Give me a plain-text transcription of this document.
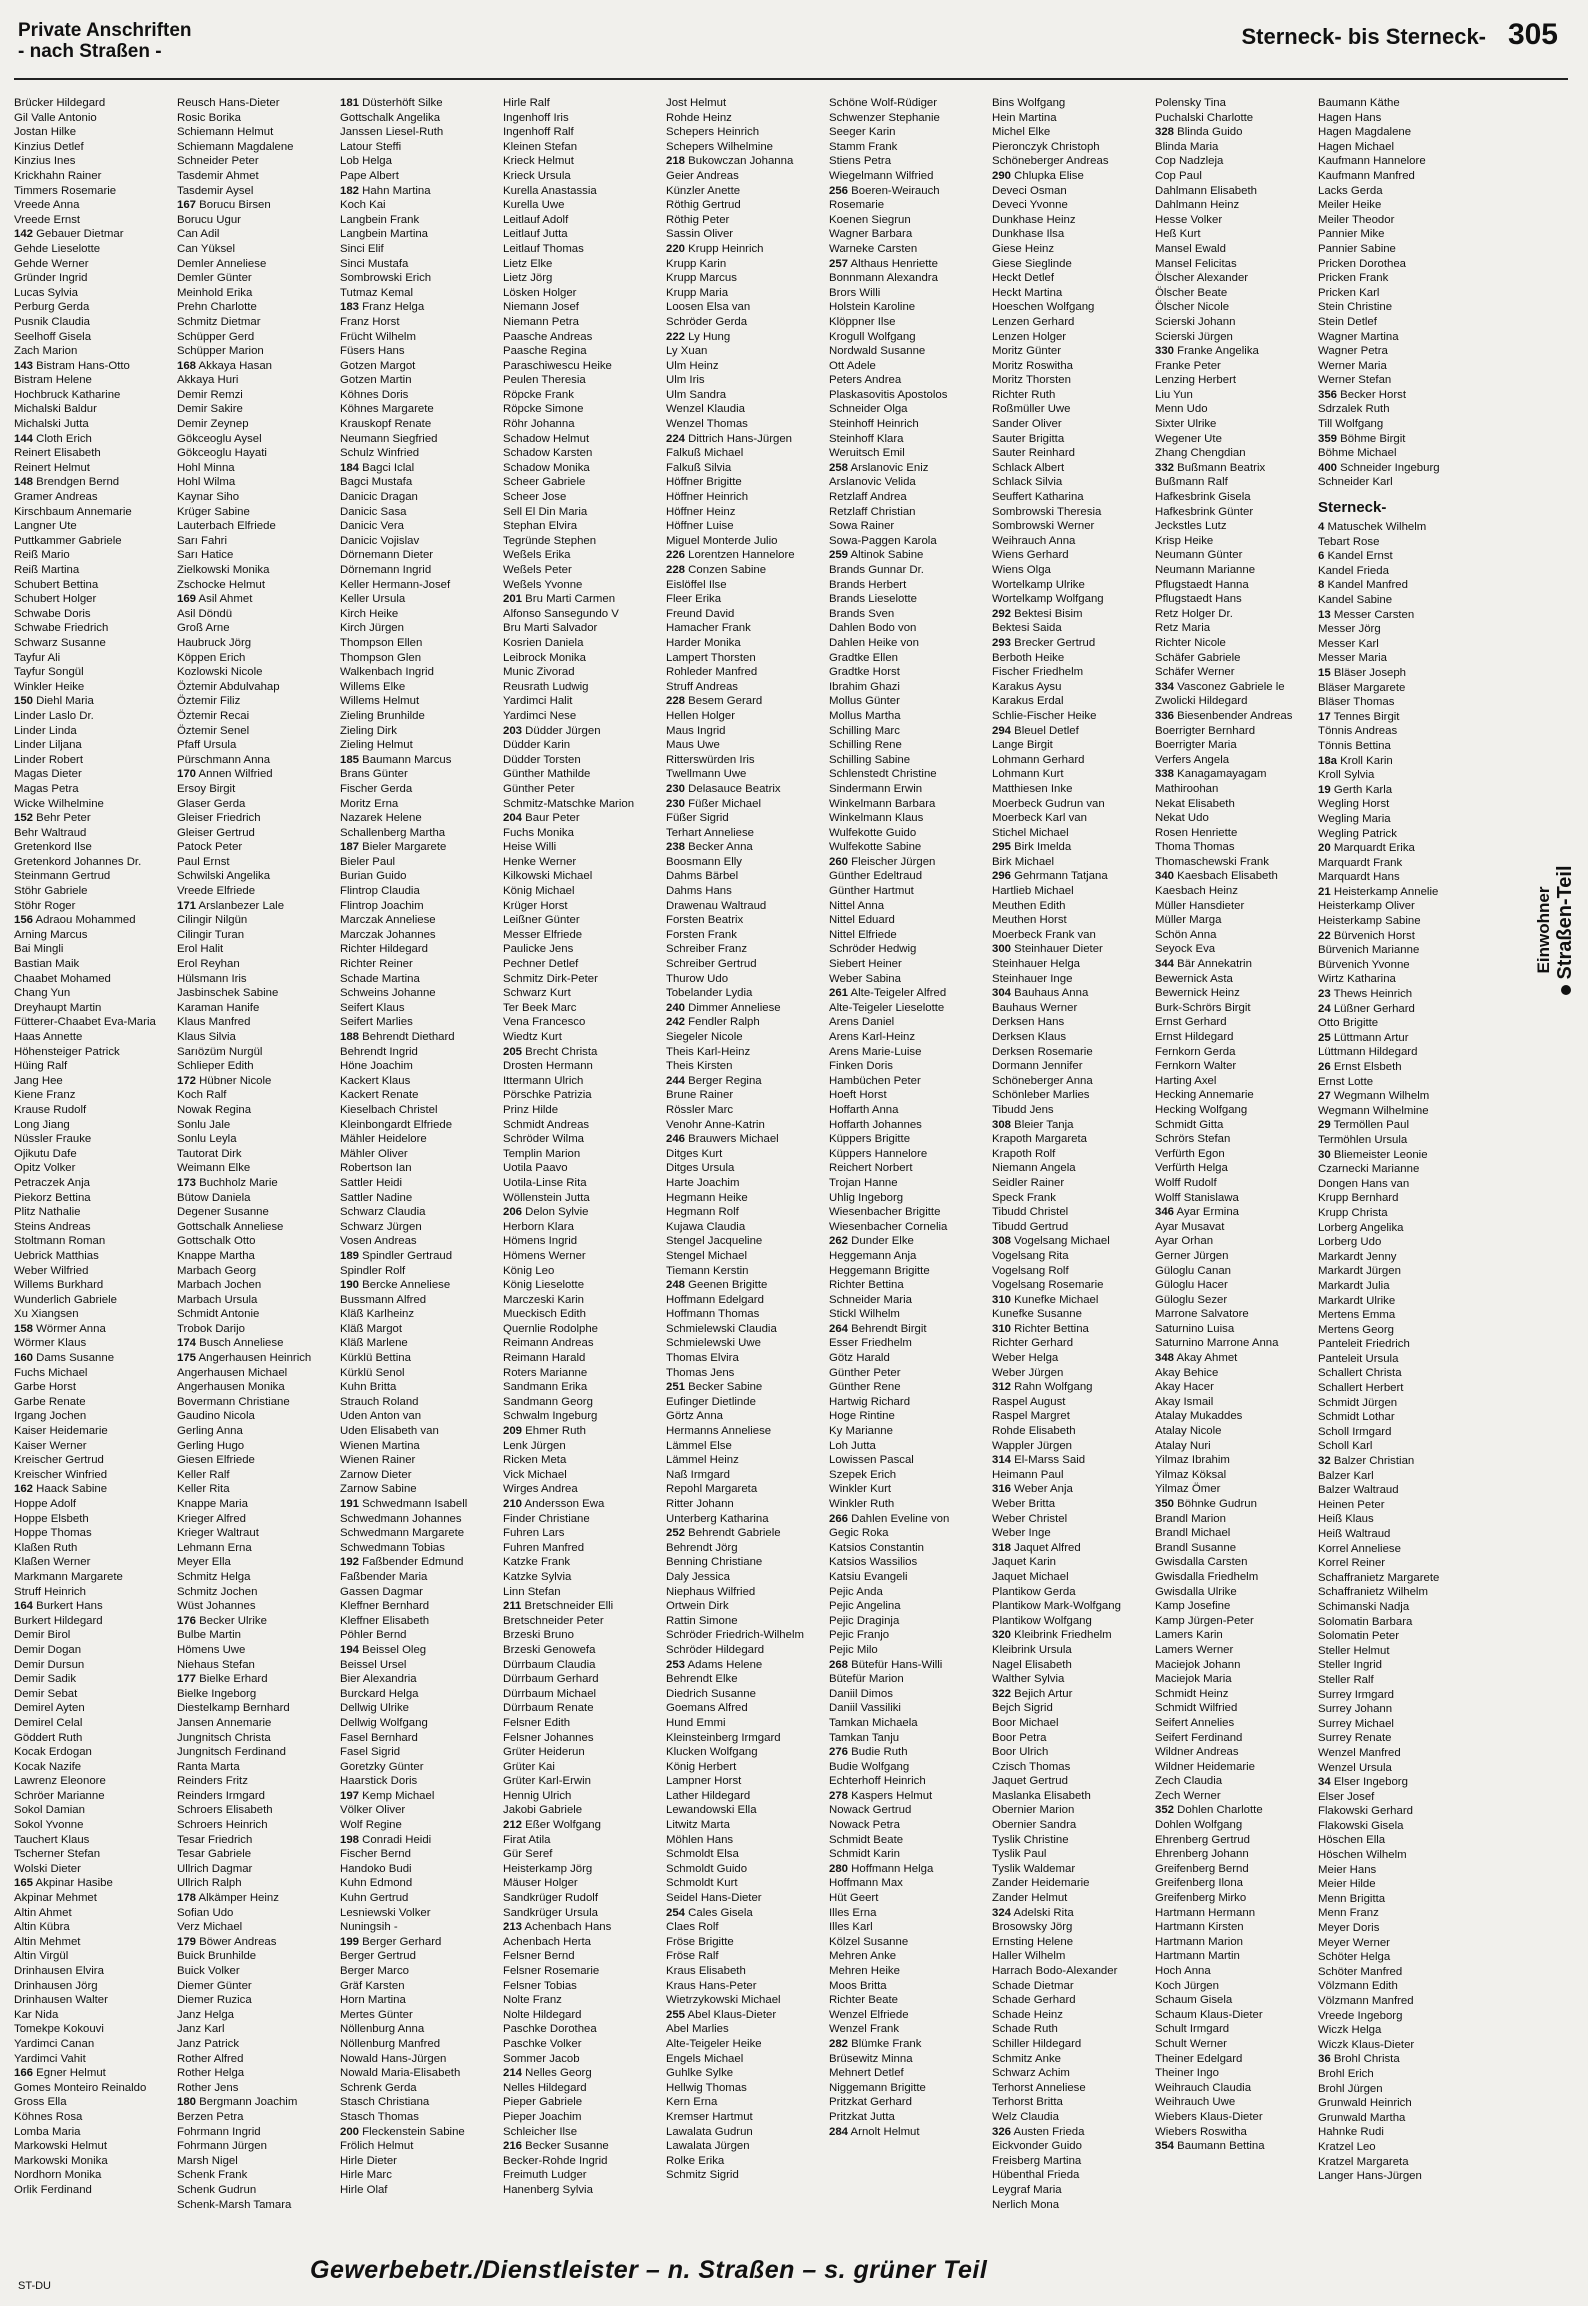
Private Anschriften
- nach Straßen -
Sterneck- bis Sterneck- 305
Brücker Hildegard
Gil Valle Antonio
Jostan Hilke
Kinzius Detlef
Kinzius Ines
Krickhahn Rainer
Timmers Rosemarie
Vreede Anna
Vreede Ernst
142 Gebauer Dietmar
Gehde Lieselotte
Gehde Werner
Gründer Ingrid
Lucas Sylvia
Perburg Gerda
Pusnik Claudia
Seelhoff Gisela
Zach Marion
143 Bistram Hans-Otto
Bistram Helene
Hochbruck Katharine
Michalski Baldur
Michalski Jutta
144 Cloth Erich
Reinert Elisabeth
Reinert Helmut
148 Brendgen Bernd
Gramer Andreas
Kirschbaum Annemarie
Langner Ute
Puttkammer Gabriele
Reiß Mario
Reiß Martina
Schubert Bettina
Schubert Holger
Schwabe Doris
Schwabe Friedrich
Schwarz Susanne
Tayfur Ali
Tayfur Songül
Winkler Heike
150 Diehl Maria
Linder Laslo Dr.
Linder Linda
Linder Liljana
Linder Robert
Magas Dieter
Magas Petra
Wicke Wilhelmine
152 Behr Peter
Behr Waltraud
Gretenkord Ilse
Gretenkord Johannes Dr.
Steinmann Gertrud
Stöhr Gabriele
Stöhr Roger
156 Adraou Mohammed
Arning Marcus
Bai Mingli
Bastian Maik
Chaabet Mohamed
Chang Yun
Dreyhaupt Martin
Fütterer-Chaabet Eva-Maria
Haas Annette
Höhensteiger Patrick
Hüing Ralf
Jang Hee
Kiene Franz
Krause Rudolf
Long Jiang
Nüssler Frauke
Ojikutu Dafe
Opitz Volker
Petraczek Anja
Piekorz Bettina
Plitz Nathalie
Steins Andreas
Stoltmann Roman
Uebrick Matthias
Weber Wilfried
Willems Burkhard
Wunderlich Gabriele
Xu Xiangsen
158 Wörmer Anna
Wörmer Klaus
160 Dams Susanne
Fuchs Michael
Garbe Horst
Garbe Renate
Irgang Jochen
Kaiser Heidemarie
Kaiser Werner
Kreischer Gertrud
Kreischer Winfried
162 Haack Sabine
Hoppe Adolf
Hoppe Elsbeth
Hoppe Thomas
Klaßen Ruth
Klaßen Werner
Markmann Margarete
Struff Heinrich
164 Burkert Hans
Burkert Hildegard
Demir Birol
Demir Dogan
Demir Dursun
Demir Sadik
Demir Sebat
Demirel Ayten
Demirel Celal
Göddert Ruth
Kocak Erdogan
Kocak Nazife
Lawrenz Eleonore
Schröer Marianne
Sokol Damian
Sokol Yvonne
Tauchert Klaus
Tscherner Stefan
Wolski Dieter
165 Akpinar Hasibe
Akpinar Mehmet
Altin Ahmet
Altin Kübra
Altin Mehmet
Altin Virgül
Drinhausen Elvira
Drinhausen Jörg
Drinhausen Walter
Kar Nida
Tomekpe Kokouvi
Yardimci Canan
Yardimci Vahit
166 Egner Helmut
Gomes Monteiro Reinaldo
Gross Ella
Köhnes Rosa
Lomba Maria
Markowski Helmut
Markowski Monika
Nordhorn Monika
Orlik Ferdinand
Reusch Hans-Dieter
Rosic Borika
Schiemann Helmut
Schiemann Magdalene
Schneider Peter
Tasdemir Ahmet
Tasdemir Aysel
167 Borucu Birsen
Borucu Ugur
Can Adil
Can Yüksel
Demler Anneliese
Demler Günter
Meinhold Erika
Prehn Charlotte
Schmitz Dietmar
Schüpper Gerd
Schüpper Marion
168 Akkaya Hasan
Akkaya Huri
Demir Remzi
Demir Sakire
Demir Zeynep
Gökceoglu Aysel
Gökceoglu Hayati
Hohl Minna
Hohl Wilma
Kaynar Siho
Krüger Sabine
Lauterbach Elfriede
Sarı Fahri
Sarı Hatice
Zielkowski Monika
Zschocke Helmut
169 Asil Ahmet
Asil Döndü
Groß Arne
Haubruck Jörg
Köppen Erich
Kozlowski Nicole
Öztemir Abdulvahap
Öztemir Filiz
Öztemir Recai
Öztemir Senel
Pfaff Ursula
Pürschmann Anna
170 Annen Wilfried
Ersoy Birgit
Glaser Gerda
Gleiser Friedrich
Gleiser Gertrud
Patock Peter
Paul Ernst
Schwilski Angelika
Vreede Elfriede
171 Arslanbezer Lale
Cilingir Nilgün
Cilingir Turan
Erol Halit
Erol Reyhan
Hülsmann Iris
Jasbinschek Sabine
Karaman Hanife
Klaus Manfred
Klaus Silvia
Sarıözüm Nurgül
Schlieper Edith
172 Hübner Nicole
Koch Ralf
Nowak Regina
Sonlu Jale
Sonlu Leyla
Tautorat Dirk
Weimann Elke
173 Buchholz Marie
Bütow Daniela
Degener Susanne
Gottschalk Anneliese
Gottschalk Otto
Knappe Martha
Marbach Georg
Marbach Jochen
Marbach Ursula
Schmidt Antonie
Trobok Darijo
174 Busch Anneliese
175 Angerhausen Heinrich
Angerhausen Michael
Angerhausen Monika
Bovermann Christiane
Gaudino Nicola
Gerling Anna
Gerling Hugo
Giesen Elfriede
Keller Ralf
Keller Rita
Knappe Maria
Krieger Alfred
Krieger Waltraut
Lehmann Erna
Meyer Ella
Schmitz Helga
Schmitz Jochen
Wüst Johannes
176 Becker Ulrike
Bulbe Martin
Hömens Uwe
Niehaus Stefan
177 Bielke Erhard
Bielke Ingeborg
Diestelkamp Bernhard
Jansen Annemarie
Jungnitsch Christa
Jungnitsch Ferdinand
Ranta Marta
Reinders Fritz
Reinders Irmgard
Schroers Elisabeth
Schroers Heinrich
Tesar Friedrich
Tesar Gabriele
Ullrich Dagmar
Ullrich Ralph
178 Alkämper Heinz
Sofian Udo
Verz Michael
179 Böwer Andreas
Buick Brunhilde
Buick Volker
Diemer Günter
Diemer Ruzica
Janz Helga
Janz Karl
Janz Patrick
Rother Alfred
Rother Helga
Rother Jens
180 Bergmann Joachim
Berzen Petra
Fohrmann Ingrid
Fohrmann Jürgen
Marsh Nigel
Schenk Frank
Schenk Gudrun
Schenk-Marsh Tamara
181 Düsterhöft Silke
Gottschalk Angelika
Janssen Liesel-Ruth
Latour Steffi
Lob Helga
Pape Albert
182 Hahn Martina
Koch Kai
Langbein Frank
Langbein Martina
Sinci Elif
Sinci Mustafa
Sombrowski Erich
Tutmaz Kemal
183 Franz Helga
Franz Horst
Frücht Wilhelm
Füsers Hans
Gotzen Margot
Gotzen Martin
Köhnes Doris
Köhnes Margarete
Krauskopf Renate
Neumann Siegfried
Schulz Winfried
184 Bagci Iclal
Bagci Mustafa
Danicic Dragan
Danicic Sasa
Danicic Vera
Danicic Vojislav
Dörnemann Dieter
Dörnemann Ingrid
Keller Hermann-Josef
Keller Ursula
Kirch Heike
Kirch Jürgen
Thompson Ellen
Thompson Glen
Walkenbach Ingrid
Willems Elke
Willems Helmut
Zieling Brunhilde
Zieling Dirk
Zieling Helmut
185 Baumann Marcus
Brans Günter
Fischer Gerda
Moritz Erna
Nazarek Helene
Schallenberg Martha
187 Bieler Margarete
Bieler Paul
Burian Guido
Flintrop Claudia
Flintrop Joachim
Marczak Anneliese
Marczak Johannes
Richter Hildegard
Richter Reiner
Schade Martina
Schweins Johanne
Seifert Klaus
Seifert Marlies
188 Behrendt Diethard
Behrendt Ingrid
Höne Joachim
Kackert Klaus
Kackert Renate
Kieselbach Christel
Kleinbongardt Elfriede
Mähler Heidelore
Mähler Oliver
Robertson Ian
Sattler Heidi
Sattler Nadine
Schwarz Claudia
Schwarz Jürgen
Vosen Andreas
189 Spindler Gertraud
Spindler Rolf
190 Bercke Anneliese
Bussmann Alfred
Kläß Karlheinz
Kläß Margot
Kläß Marlene
Kürklü Bettina
Kürklü Senol
Kuhn Britta
Strauch Roland
Uden Anton van
Uden Elisabeth van
Wienen Martina
Wienen Rainer
Zarnow Dieter
Zarnow Sabine
191 Schwedmann Isabell
Schwedmann Johannes
Schwedmann Margarete
Schwedmann Tobias
192 Faßbender Edmund
Faßbender Maria
Gassen Dagmar
Kleffner Bernhard
Kleffner Elisabeth
Pöhler Bernd
194 Beissel Oleg
Beissel Ursel
Bier Alexandria
Burckard Helga
Dellwig Ulrike
Dellwig Wolfgang
Fasel Bernhard
Fasel Sigrid
Goretzky Günter
Haarstick Doris
197 Kemp Michael
Völker Oliver
Wolf Regine
198 Conradi Heidi
Fischer Bernd
Handoko Budi
Kuhn Edmond
Kuhn Gertrud
Lesniewski Volker
Nuningsih -
199 Berger Gerhard
Berger Gertrud
Berger Marco
Gräf Karsten
Horn Martina
Mertes Günter
Nöllenburg Anna
Nöllenburg Manfred
Nowald Hans-Jürgen
Nowald Maria-Elisabeth
Schrenk Gerda
Stasch Christiana
Stasch Thomas
200 Fleckenstein Sabine
Frölich Helmut
Hirle Dieter
Hirle Marc
Hirle Olaf
Hirle Ralf
Ingenhoff Iris
Ingenhoff Ralf
Kleinen Stefan
Krieck Helmut
Krieck Ursula
Kurella Anastassia
Kurella Uwe
Leitlauf Adolf
Leitlauf Jutta
Leitlauf Thomas
Lietz Elke
Lietz Jörg
Lösken Holger
Niemann Josef
Niemann Petra
Paasche Andreas
Paasche Regina
Paraschiwescu Heike
Peulen Theresia
Röpcke Frank
Röpcke Simone
Röhr Johanna
Schadow Helmut
Schadow Karsten
Schadow Monika
Scheer Gabriele
Scheer Jose
Sell El Din Maria
Stephan Elvira
Tegründe Stephen
Weßels Erika
Weßels Peter
Weßels Yvonne
201 Bru Marti Carmen
Alfonso Sansegundo V
Bru Marti Salvador
Kosrien Daniela
Leibrock Monika
Munic Zivorad
Reusrath Ludwig
Yardimci Halit
Yardimci Nese
203 Düdder Jürgen
Düdder Karin
Düdder Torsten
Günther Mathilde
Günther Peter
Schmitz-Matschke Marion
204 Baur Peter
Fuchs Monika
Heise Willi
Henke Werner
Kilkowski Michael
König Michael
Krüger Horst
Leißner Günter
Messer Elfriede
Paulicke Jens
Pechner Detlef
Schmitz Dirk-Peter
Schwarz Kurt
Ter Beek Marc
Vena Francesco
Wiedtz Kurt
205 Brecht Christa
Drosten Hermann
Ittermann Ulrich
Pörschke Patrizia
Prinz Hilde
Schmidt Andreas
Schröder Wilma
Templin Marion
Uotila Paavo
Uotila-Linse Rita
Wöllenstein Jutta
206 Delon Sylvie
Herborn Klara
Hömens Ingrid
Hömens Werner
König Leo
König Lieselotte
Marczeski Karin
Mueckisch Edith
Quernlie Rodolphe
Reimann Andreas
Reimann Harald
Roters Marianne
Sandmann Erika
Sandmann Georg
Schwalm Ingeburg
209 Ehmer Ruth
Lenk Jürgen
Ricken Meta
Vick Michael
Wirges Andrea
210 Andersson Ewa
Finder Christiane
Fuhren Lars
Fuhren Manfred
Katzke Frank
Katzke Sylvia
Linn Stefan
211 Bretschneider Elli
Bretschneider Peter
Brzeski Bruno
Brzeski Genowefa
Dürrbaum Claudia
Dürrbaum Gerhard
Dürrbaum Michael
Dürrbaum Renate
Felsner Edith
Felsner Johannes
Grüter Heiderun
Grüter Kai
Grüter Karl-Erwin
Hennig Ulrich
Jakobi Gabriele
212 Eßer Wolfgang
Firat Atila
Gür Seref
Heisterkamp Jörg
Mäuser Holger
Sandkrüger Rudolf
Sandkrüger Ursula
213 Achenbach Hans
Achenbach Herta
Felsner Bernd
Felsner Rosemarie
Felsner Tobias
Nolte Franz
Nolte Hildegard
Paschke Dorothea
Paschke Volker
Sommer Jacob
214 Nelles Georg
Nelles Hildegard
Pieper Gabriele
Pieper Joachim
Schleicher Ilse
216 Becker Susanne
Becker-Rohde Ingrid
Freimuth Ludger
Hanenberg Sylvia
Jost Helmut
Rohde Heinz
Schepers Heinrich
Schepers Wilhelmine
218 Bukowczan Johanna
Geier Andreas
Künzler Anette
Röthig Gertrud
Röthig Peter
Sassin Oliver
220 Krupp Heinrich
Krupp Karin
Krupp Marcus
Krupp Maria
Loosen Elsa van
Schröder Gerda
222 Ly Hung
Ly Xuan
Ulm Heinz
Ulm Iris
Ulm Sandra
Wenzel Klaudia
Wenzel Thomas
224 Dittrich Hans-Jürgen
Falkuß Michael
Falkuß Silvia
Höffner Brigitte
Höffner Heinrich
Höffner Heinz
Höffner Luise
Miguel Monterde Julio
226 Lorentzen Hannelore
228 Conzen Sabine
Eislöffel Ilse
Fleer Erika
Freund David
Hamacher Frank
Harder Monika
Lampert Thorsten
Rohleder Manfred
Struff Andreas
228 Besem Gerard
Hellen Holger
Maus Ingrid
Maus Uwe
Ritterswürden Iris
Twellmann Uwe
230 Delasauce Beatrix
230 Füßer Michael
Füßer Sigrid
Terhart Anneliese
238 Becker Anna
Boosmann Elly
Dahms Bärbel
Dahms Hans
Drawenau Waltraud
Forsten Beatrix
Forsten Frank
Schreiber Franz
Schreiber Gertrud
Thurow Udo
Tobelander Lydia
240 Dimmer Anneliese
242 Fendler Ralph
Siegeler Nicole
Theis Karl-Heinz
Theis Kirsten
244 Berger Regina
Brune Rainer
Rössler Marc
Venohr Anne-Katrin
246 Brauwers Michael
Ditges Kurt
Ditges Ursula
Harte Joachim
Hegmann Heike
Hegmann Rolf
Kujawa Claudia
Stengel Jacqueline
Stengel Michael
Tiemann Kerstin
248 Geenen Brigitte
Hoffmann Edelgard
Hoffmann Thomas
Schmielewski Claudia
Schmielewski Uwe
Thomas Elvira
Thomas Jens
251 Becker Sabine
Eufinger Dietlinde
Görtz Anna
Hermanns Anneliese
Lämmel Else
Lämmel Heinz
Naß Irmgard
Repohl Margareta
Ritter Johann
Unterberg Katharina
252 Behrendt Gabriele
Behrendt Jörg
Benning Christiane
Daly Jessica
Niephaus Wilfried
Ortwein Dirk
Rattin Simone
Schröder Friedrich-Wilhelm
Schröder Hildegard
253 Adams Helene
Behrendt Elke
Diedrich Susanne
Goemans Alfred
Hund Emmi
Kleinsteinberg Irmgard
Klucken Wolfgang
König Herbert
Lampner Horst
Lather Hildegard
Lewandowski Ella
Litwitz Marta
Möhlen Hans
Schmoldt Elsa
Schmoldt Guido
Schmoldt Kurt
Seidel Hans-Dieter
254 Cales Gisela
Claes Rolf
Fröse Brigitte
Fröse Ralf
Kraus Elisabeth
Kraus Hans-Peter
Wietrzykowski Michael
255 Abel Klaus-Dieter
Abel Marlies
Alte-Teigeler Heike
Engels Michael
Guhlke Sylke
Hellwig Thomas
Kern Erna
Kremser Hartmut
Lawalata Gudrun
Lawalata Jürgen
Rolke Erika
Schmitz Sigrid
Schöne Wolf-Rüdiger
Schwenzer Stephanie
Seeger Karin
Stamm Frank
Stiens Petra
Wiegelmann Wilfried
256 Boeren-Weirauch
Rosemarie
Koenen Siegrun
Wagner Barbara
Warneke Carsten
257 Althaus Henriette
Bonnmann Alexandra
Brors Willi
Holstein Karoline
Klöppner Ilse
Krogull Wolfgang
Nordwald Susanne
Ott Adele
Peters Andrea
Plaskasovitis Apostolos
Schneider Olga
Steinhoff Heinrich
Steinhoff Klara
Weruitsch Emil
258 Arslanovic Eniz
Arslanovic Velida
Retzlaff Andrea
Retzlaff Christian
Sowa Rainer
Sowa-Paggen Karola
259 Altinok Sabine
Brands Gunnar Dr.
Brands Herbert
Brands Lieselotte
Brands Sven
Dahlen Bodo von
Dahlen Heike von
Gradtke Ellen
Gradtke Horst
Ibrahim Ghazi
Mollus Günter
Mollus Martha
Schilling Marc
Schilling Rene
Schilling Sabine
Schlenstedt Christine
Sindermann Erwin
Winkelmann Barbara
Winkelmann Klaus
Wulfekotte Guido
Wulfekotte Sabine
260 Fleischer Jürgen
Günther Edeltraud
Günther Hartmut
Nittel Anna
Nittel Eduard
Nittel Elfriede
Schröder Hedwig
Siebert Heiner
Weber Sabina
261 Alte-Teigeler Alfred
Alte-Teigeler Lieselotte
Arens Daniel
Arens Karl-Heinz
Arens Marie-Luise
Finken Doris
Hambüchen Peter
Hoeft Horst
Hoffarth Anna
Hoffarth Johannes
Küppers Brigitte
Küppers Hannelore
Reichert Norbert
Trojan Hanne
Uhlig Ingeborg
Wiesenbacher Brigitte
Wiesenbacher Cornelia
262 Dunder Elke
Heggemann Anja
Heggemann Brigitte
Richter Bettina
Schneider Maria
Stickl Wilhelm
264 Behrendt Birgit
Esser Friedhelm
Götz Harald
Günther Peter
Günther Rene
Hartwig Richard
Hoge Rintine
Ky Marianne
Loh Jutta
Lowissen Pascal
Szepek Erich
Winkler Kurt
Winkler Ruth
266 Dahlen Eveline von
Gegic Roka
Katsios Constantin
Katsios Wassilios
Katsiu Evangeli
Pejic Anda
Pejic Angelina
Pejic Draginja
Pejic Franjo
Pejic Milo
268 Bütefür Hans-Willi
Bütefür Marion
Daniil Dimos
Daniil Vassiliki
Tamkan Michaela
Tamkan Tanju
276 Budie Ruth
Budie Wolfgang
Echterhoff Heinrich
278 Kaspers Helmut
Nowack Gertrud
Nowack Petra
Schmidt Beate
Schmidt Karin
280 Hoffmann Helga
Hoffmann Max
Hüt Geert
Illes Erna
Illes Karl
Kölzel Susanne
Mehren Anke
Mehren Heike
Moos Britta
Richter Beate
Wenzel Elfriede
Wenzel Frank
282 Blümke Frank
Brüsewitz Minna
Mehnert Detlef
Niggemann Brigitte
Pritzkat Gerhard
Pritzkat Jutta
284 Arnolt Helmut
Bins Wolfgang
Hein Martina
Michel Elke
Pieronczyk Christoph
Schöneberger Andreas
290 Chlupka Elise
Deveci Osman
Deveci Yvonne
Dunkhase Heinz
Dunkhase Ilsa
Giese Heinz
Giese Sieglinde
Heckt Detlef
Heckt Martina
Hoeschen Wolfgang
Lenzen Gerhard
Lenzen Holger
Moritz Günter
Moritz Roswitha
Moritz Thorsten
Richter Ruth
Roßmüller Uwe
Sander Oliver
Sauter Brigitta
Sauter Reinhard
Schlack Albert
Schlack Silvia
Seuffert Katharina
Sombrowski Theresia
Sombrowski Werner
Weihrauch Anna
Wiens Gerhard
Wiens Olga
Wortelkamp Ulrike
Wortelkamp Wolfgang
292 Bektesi Bisim
Bektesi Saida
293 Brecker Gertrud
Berboth Heike
Fischer Friedhelm
Karakus Aysu
Karakus Erdal
Schlie-Fischer Heike
294 Bleuel Detlef
Lange Birgit
Lohmann Gerhard
Lohmann Kurt
Matthiesen Inke
Moerbeck Gudrun van
Moerbeck Karl van
Stichel Michael
295 Birk Imelda
Birk Michael
296 Gehrmann Tatjana
Hartlieb Michael
Meuthen Edith
Meuthen Horst
Moerbeck Frank van
300 Steinhauer Dieter
Steinhauer Helga
Steinhauer Inge
304 Bauhaus Anna
Bauhaus Werner
Derksen Hans
Derksen Klaus
Derksen Rosemarie
Dormann Jennifer
Schöneberger Anna
Schönleber Marlies
Tibudd Jens
308 Bleier Tanja
Krapoth Margareta
Krapoth Rolf
Niemann Angela
Seidler Rainer
Speck Frank
Tibudd Christel
Tibudd Gertrud
308 Vogelsang Michael
Vogelsang Rita
Vogelsang Rolf
Vogelsang Rosemarie
310 Kunefke Michael
Kunefke Susanne
310 Richter Bettina
Richter Gerhard
Weber Helga
Weber Jürgen
312 Rahn Wolfgang
Raspel August
Raspel Margret
Rohde Elisabeth
Wappler Jürgen
314 El-Marss Said
Heimann Paul
316 Weber Anja
Weber Britta
Weber Christel
Weber Inge
318 Jaquet Alfred
Jaquet Karin
Jaquet Michael
Plantikow Gerda
Plantikow Mark-Wolfgang
Plantikow Wolfgang
320 Kleibrink Friedhelm
Kleibrink Ursula
Nagel Elisabeth
Walther Sylvia
322 Bejich Artur
Bejch Sigrid
Boor Michael
Boor Petra
Boor Ulrich
Czisch Thomas
Jaquet Gertrud
Maslanka Elisabeth
Obernier Marion
Obernier Sandra
Tyslik Christine
Tyslik Paul
Tyslik Waldemar
Zander Heidemarie
Zander Helmut
324 Adelski Rita
Brosowsky Jörg
Ernsting Helene
Haller Wilhelm
Harrach Bodo-Alexander
Schade Dietmar
Schade Gerhard
Schade Heinz
Schade Ruth
Schiller Hildegard
Schmitz Anke
Schwarz Achim
Terhorst Anneliese
Terhorst Britta
Welz Claudia
326 Austen Frieda
Eickvonder Guido
Freisberg Martina
Hübenthal Frieda
Leygraf Maria
Nerlich Mona
Polensky Tina
Puchalski Charlotte
328 Blinda Guido
Blinda Maria
Cop Nadzleja
Cop Paul
Dahlmann Elisabeth
Dahlmann Heinz
Hesse Volker
Heß Kurt
Mansel Ewald
Mansel Felicitas
Ölscher Alexander
Ölscher Beate
Ölscher Nicole
Scierski Johann
Scierski Jürgen
330 Franke Angelika
Franke Peter
Lenzing Herbert
Liu Yun
Menn Udo
Sixter Ulrike
Wegener Ute
Zhang Chengdian
332 Bußmann Beatrix
Bußmann Ralf
Hafkesbrink Gisela
Hafkesbrink Günter
Jeckstles Lutz
Krisp Heike
Neumann Günter
Neumann Marianne
Pflugstaedt Hanna
Pflugstaedt Hans
Retz Holger Dr.
Retz Maria
Richter Nicole
Schäfer Gabriele
Schäfer Werner
334 Vasconez Gabriele le
Zwolicki Hildegard
336 Biesenbender Andreas
Boerrigter Bernhard
Boerrigter Maria
Verfers Angela
338 Kanagamayagam
Mathiroohan
Nekat Elisabeth
Nekat Udo
Rosen Henriette
Thoma Thomas
Thomaschewski Frank
340 Kaesbach Elisabeth
Kaesbach Heinz
Müller Hansdieter
Müller Marga
Schön Anna
Seyock Eva
344 Bär Annekatrin
Bewernick Asta
Bewernick Heinz
Burk-Schrörs Birgit
Ernst Gerhard
Ernst Hildegard
Fernkorn Gerda
Fernkorn Walter
Harting Axel
Hecking Annemarie
Hecking Wolfgang
Schmidt Gitta
Schrörs Stefan
Verfürth Egon
Verfürth Helga
Wolff Rudolf
Wolff Stanislawa
346 Ayar Ermina
Ayar Musavat
Ayar Orhan
Gerner Jürgen
Güloglu Canan
Güloglu Hacer
Güloglu Sezer
Marrone Salvatore
Saturnino Luisa
Saturnino Marrone Anna
348 Akay Ahmet
Akay Behice
Akay Hacer
Akay Ismail
Atalay Mukaddes
Atalay Nicole
Atalay Nuri
Yilmaz Ibrahim
Yilmaz Köksal
Yilmaz Ömer
350 Böhnke Gudrun
Brandl Marion
Brandl Michael
Brandl Susanne
Gwisdalla Carsten
Gwisdalla Friedhelm
Gwisdalla Ulrike
Kamp Josefine
Kamp Jürgen-Peter
Lamers Karin
Lamers Werner
Maciejok Johann
Maciejok Maria
Schmidt Heinz
Schmidt Wilfried
Seifert Annelies
Seifert Ferdinand
Wildner Andreas
Wildner Heidemarie
Zech Claudia
Zech Werner
352 Dohlen Charlotte
Dohlen Wolfgang
Ehrenberg Gertrud
Ehrenberg Johann
Greifenberg Bernd
Greifenberg Ilona
Greifenberg Mirko
Hartmann Hermann
Hartmann Kirsten
Hartmann Marion
Hartmann Martin
Hoch Anna
Koch Jürgen
Schaum Gisela
Schaum Klaus-Dieter
Schult Irmgard
Schult Werner
Theiner Edelgard
Theiner Ingo
Weihrauch Claudia
Weihrauch Uwe
Wiebers Klaus-Dieter
Wiebers Roswitha
354 Baumann Bettina
Baumann Käthe
Hagen Hans
Hagen Magdalene
Hagen Michael
Kaufmann Hannelore
Kaufmann Manfred
Lacks Gerda
Meiler Heike
Meiler Theodor
Pannier Mike
Pannier Sabine
Pricken Dorothea
Pricken Frank
Pricken Karl
Stein Christine
Stein Detlef
Wagner Martina
Wagner Petra
Werner Maria
Werner Stefan
356 Becker Horst
Sdrzalek Ruth
Till Wolfgang
359 Böhme Birgit
Böhme Michael
400 Schneider Ingeburg
Schneider Karl
Sterneck-
4 Matuschek Wilhelm
Tebart Rose
6 Kandel Ernst
Kandel Frieda
8 Kandel Manfred
Kandel Sabine
13 Messer Carsten
Messer Jörg
Messer Karl
Messer Maria
15 Bläser Joseph
Bläser Margarete
Bläser Thomas
17 Tennes Birgit
Tönnis Andreas
Tönnis Bettina
18a Kroll Karin
Kroll Sylvia
19 Gerth Karla
Wegling Horst
Wegling Maria
Wegling Patrick
20 Marquardt Erika
Marquardt Frank
Marquardt Hans
21 Heisterkamp Annelie
Heisterkamp Oliver
Heisterkamp Sabine
22 Bürvenich Horst
Bürvenich Marianne
Bürvenich Yvonne
Wirtz Katharina
23 Thews Heinrich
24 Lüßner Gerhard
Otto Brigitte
25 Lüttmann Artur
Lüttmann Hildegard
26 Ernst Elsbeth
Ernst Lotte
27 Wegmann Wilhelm
Wegmann Wilhelmine
29 Termöllen Paul
Termöhlen Ursula
30 Bliemeister Leonie
Czarnecki Marianne
Dongen Hans van
Krupp Bernhard
Krupp Christa
Lorberg Angelika
Lorberg Udo
Markardt Jenny
Markardt Jürgen
Markardt Julia
Markardt Ulrike
Mertens Emma
Mertens Georg
Panteleit Friedrich
Panteleit Ursula
Schallert Christa
Schallert Herbert
Schmidt Jürgen
Schmidt Lothar
Scholl Irmgard
Scholl Karl
32 Balzer Christian
Balzer Karl
Balzer Waltraud
Heinen Peter
Heiß Klaus
Heiß Waltraud
Korrel Anneliese
Korrel Reiner
Schaffranietz Margarete
Schaffranietz Wilhelm
Schimanski Nadja
Solomatin Barbara
Solomatin Peter
Steller Helmut
Steller Ingrid
Steller Ralf
Surrey Irmgard
Surrey Johann
Surrey Michael
Surrey Renate
Wenzel Manfred
Wenzel Ursula
34 Elser Ingeborg
Elser Josef
Flakowski Gerhard
Flakowski Gisela
Höschen Ella
Höschen Wilhelm
Meier Hans
Meier Hilde
Menn Brigitta
Menn Franz
Meyer Doris
Meyer Werner
Schöter Helga
Schöter Manfred
Völzmann Edith
Völzmann Manfred
Vreede Ingeborg
Wiczk Helga
Wiczk Klaus-Dieter
36 Brohl Christa
Brohl Erich
Brohl Jürgen
Grunwald Heinrich
Grunwald Martha
Hahnke Rudi
Kratzel Leo
Kratzel Margareta
Langer Hans-Jürgen
Einwohner Straßen-Teil
ST-DU
Gewerbebetr./Dienstleister – n. Straßen – s. grüner Teil
